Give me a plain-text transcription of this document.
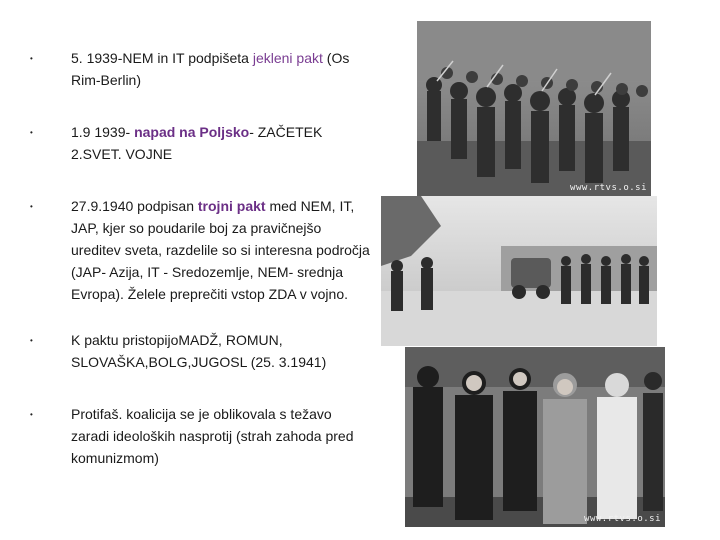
•	5. 1939-NEM in IT podpišeta jekleni pakt (Os Rim-Berlin)
•	1.9 1939- napad na Poljsko- ZAČETEK 2.SVET. VOJNE
•	27.9.1940 podpisan trojni pakt med NEM, IT, JAP, kjer so poudarile boj za pravičnejšo ureditev sveta, razdelile so si interesna področja (JAP- Azija, IT - Sredozemlje, NEM- srednja Evropa). Želele preprečiti vstop ZDA v vojno.
•	K paktu pristopijoMADŽ, ROMUN, SLOVAŠKA,BOLG,JUGOSL (25. 3.1941)
•	Protifaš. koalicija se je oblikovala s težavo zaradi ideoloških nasprotij (strah zahoda pred komunizmom)
www.rtvs.o.si
www.rtvs.o.si
